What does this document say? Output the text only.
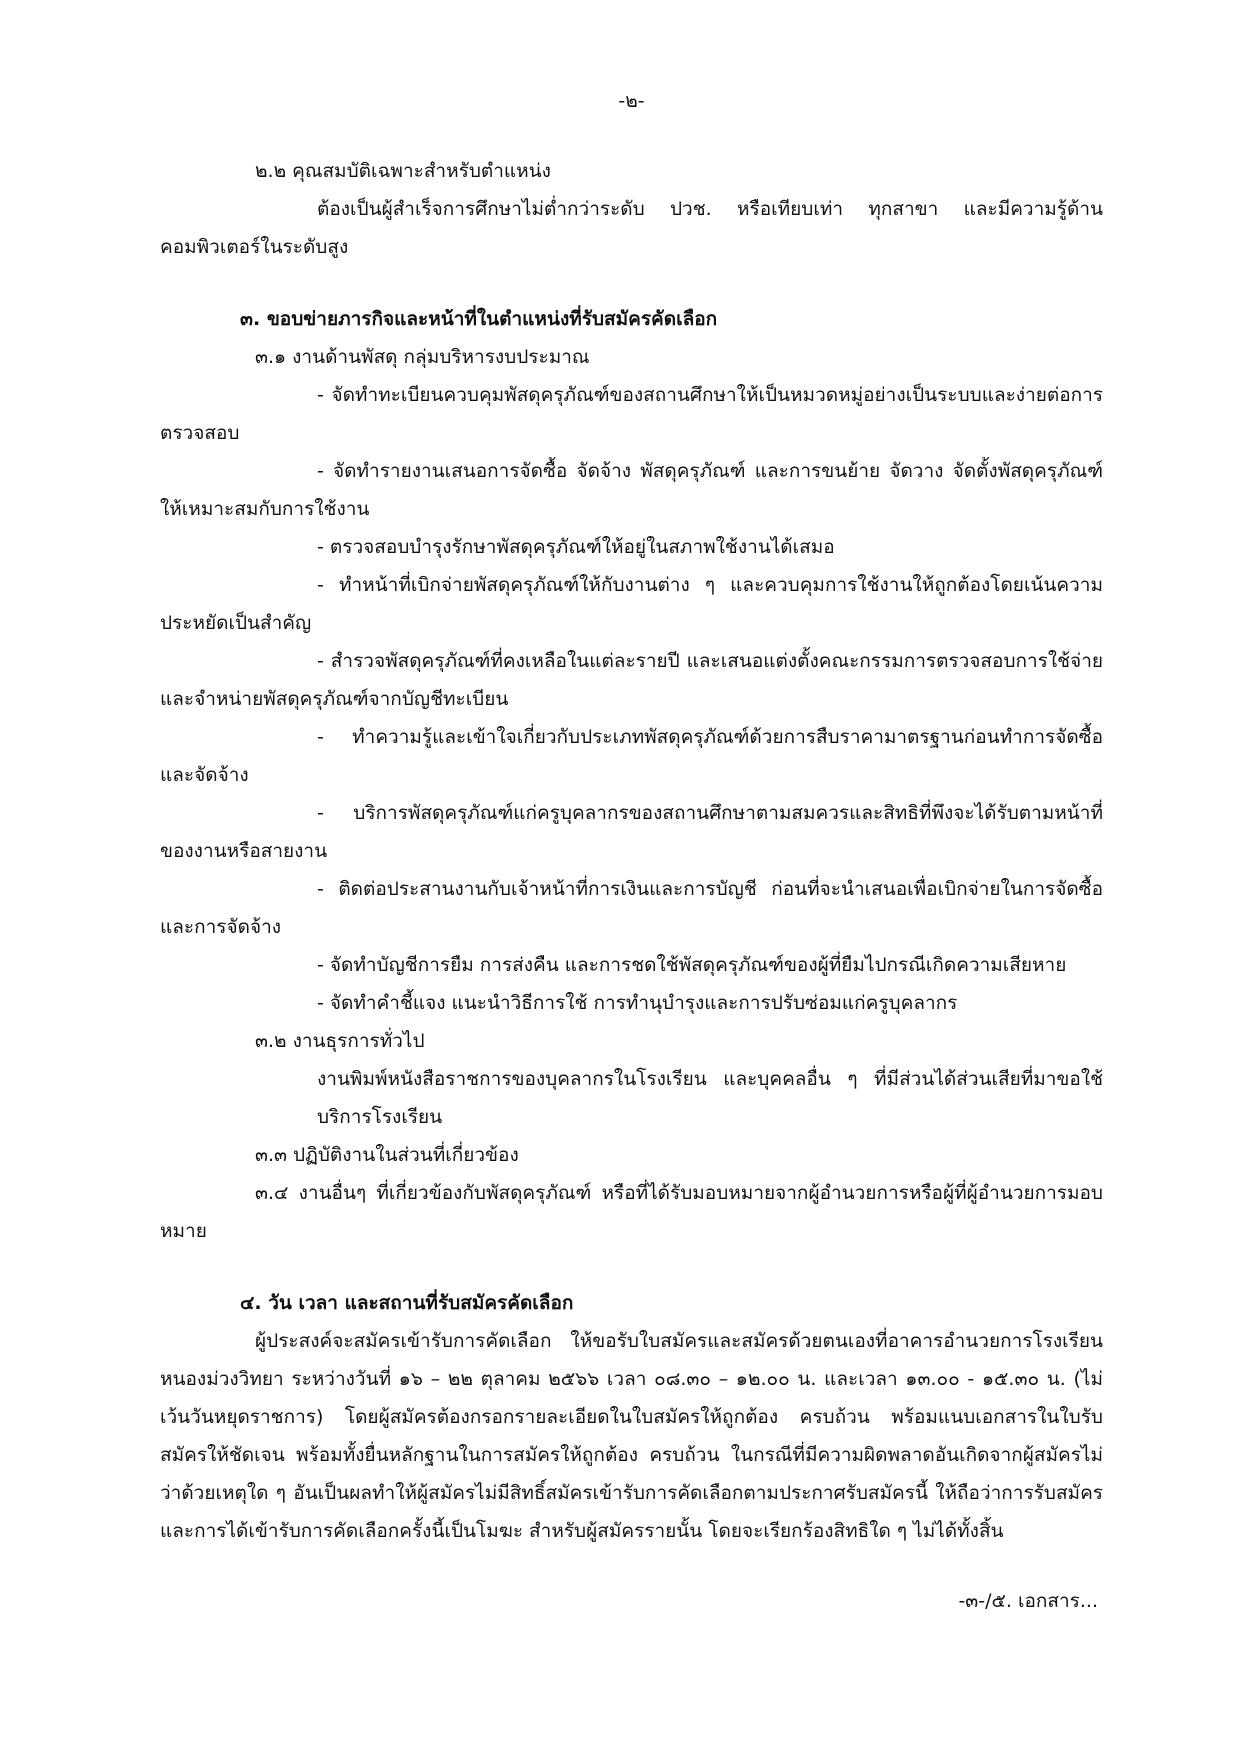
-๒-

๒.๒ คุณสมบัติเฉพาะสำหรับตำแหน่ง

ต้องเป็นผู้สำเร็จการศึกษาไม่ต่ำกว่าระดับ ปวช. หรือเทียบเท่า ทุกสาขา และมีความรู้ด้านคอมพิวเตอร์ในระดับสูง

๓. ขอบข่ายภารกิจและหน้าที่ในตำแหน่งที่รับสมัครคัดเลือก

๓.๑ งานด้านพัสดุ กลุ่มบริหารงบประมาณ

- จัดทำทะเบียนควบคุมพัสดุครุภัณฑ์ของสถานศึกษาให้เป็นหมวดหมู่อย่างเป็นระบบและง่ายต่อการตรวจสอบ

- จัดทำรายงานเสนอการจัดซื้อ จัดจ้าง พัสดุครุภัณฑ์ และการขนย้าย จัดวาง จัดตั้งพัสดุครุภัณฑ์ให้เหมาะสมกับการใช้งาน

- ตรวจสอบบำรุงรักษาพัสดุครุภัณฑ์ให้อยู่ในสภาพใช้งานได้เสมอ

- ทำหน้าที่เบิกจ่ายพัสดุครุภัณฑ์ให้กับงานต่าง ๆ และควบคุมการใช้งานให้ถูกต้องโดยเน้นความประหยัดเป็นสำคัญ

- สำรวจพัสดุครุภัณฑ์ที่คงเหลือในแต่ละรายปี และเสนอแต่งตั้งคณะกรรมการตรวจสอบการใช้จ่ายและจำหน่ายพัสดุครุภัณฑ์จากบัญชีทะเบียน

- ทำความรู้และเข้าใจเกี่ยวกับประเภทพัสดุครุภัณฑ์ด้วยการสืบราคามาตรฐานก่อนทำการจัดซื้อและจัดจ้าง

- บริการพัสดุครุภัณฑ์แก่ครูบุคลากรของสถานศึกษาตามสมควรและสิทธิที่พึงจะได้รับตามหน้าที่ของงานหรือสายงาน

- ติดต่อประสานงานกับเจ้าหน้าที่การเงินและการบัญชี ก่อนที่จะนำเสนอเพื่อเบิกจ่ายในการจัดซื้อและการจัดจ้าง

- จัดทำบัญชีการยืม การส่งคืน และการชดใช้พัสดุครุภัณฑ์ของผู้ที่ยืมไปกรณีเกิดความเสียหาย

- จัดทำคำชี้แจง แนะนำวิธีการใช้ การทำนุบำรุงและการปรับซ่อมแก่ครูบุคลากร

๓.๒ งานธุรการทั่วไป

งานพิมพ์หนังสือราชการของบุคลากรในโรงเรียน และบุคคลอื่น ๆ ที่มีส่วนได้ส่วนเสียที่มาขอใช้บริการโรงเรียน

๓.๓ ปฏิบัติงานในส่วนที่เกี่ยวข้อง

๓.๔ งานอื่นๆ ที่เกี่ยวข้องกับพัสดุครุภัณฑ์ หรือที่ได้รับมอบหมายจากผู้อำนวยการหรือผู้ที่ผู้อำนวยการมอบหมาย

๔. วัน เวลา และสถานที่รับสมัครคัดเลือก

ผู้ประสงค์จะสมัครเข้ารับการคัดเลือก ให้ขอรับใบสมัครและสมัครด้วยตนเองที่อาคารอำนวยการโรงเรียนหนองม่วงวิทยา ระหว่างวันที่ ๑๖ – ๒๒ ตุลาคม ๒๕๖๖ เวลา ๐๘.๓๐ – ๑๒.๐๐ น. และเวลา ๑๓.๐๐ - ๑๕.๓๐ น. (ไม่เว้นวันหยุดราชการ) โดยผู้สมัครต้องกรอกรายละเอียดในใบสมัครให้ถูกต้อง ครบถ้วน พร้อมแนบเอกสารในใบรับสมัครให้ชัดเจน พร้อมทั้งยื่นหลักฐานในการสมัครให้ถูกต้อง ครบถ้วน ในกรณีที่มีความผิดพลาดอันเกิดจากผู้สมัครไม่ว่าด้วยเหตุใด ๆ อันเป็นผลทำให้ผู้สมัครไม่มีสิทธิ์สมัครเข้ารับการคัดเลือกตามประกาศรับสมัครนี้ ให้ถือว่าการรับสมัครและการได้เข้ารับการคัดเลือกครั้งนี้เป็นโมฆะ สำหรับผู้สมัครรายนั้น โดยจะเรียกร้องสิทธิใด ๆ ไม่ได้ทั้งสิ้น

-๓-/๕. เอกสาร...
